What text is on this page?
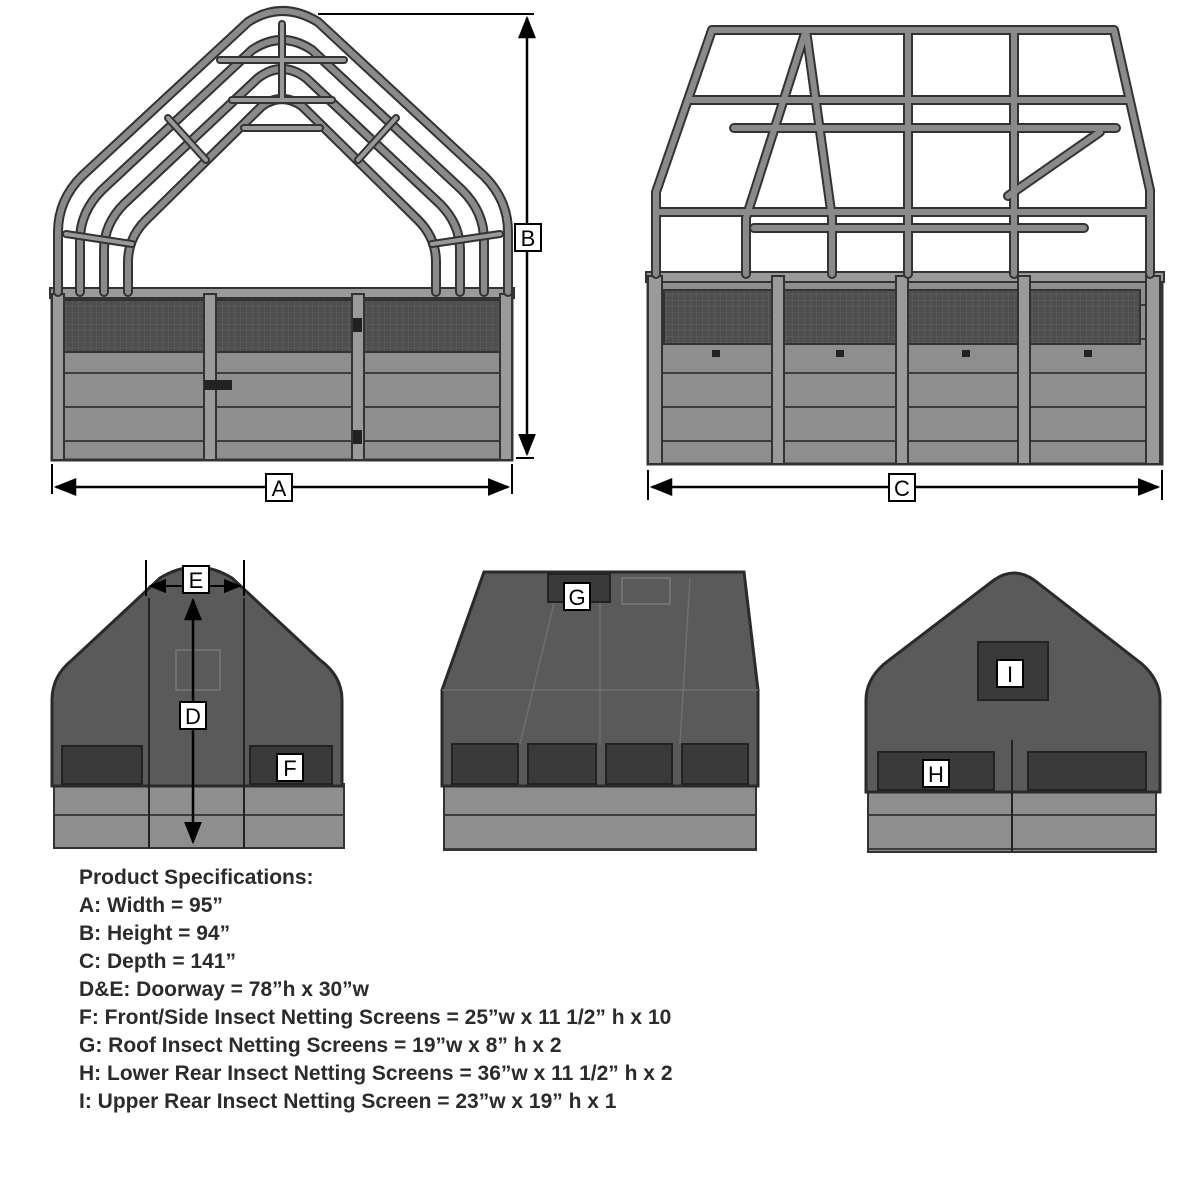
A
B
C
E
D
F
G
I
H
Product Specifications:
A: Width = 95”
B: Height = 94”
C: Depth = 141”
D&E: Doorway = 78”h x 30”w
F: Front/Side Insect Netting Screens = 25”w x 11 1/2” h x 10
G: Roof Insect Netting Screens = 19”w x 8” h x 2
H: Lower Rear Insect Netting Screens = 36”w x 11 1/2” h x 2
I: Upper Rear Insect Netting Screen = 23”w x 19” h x 1
